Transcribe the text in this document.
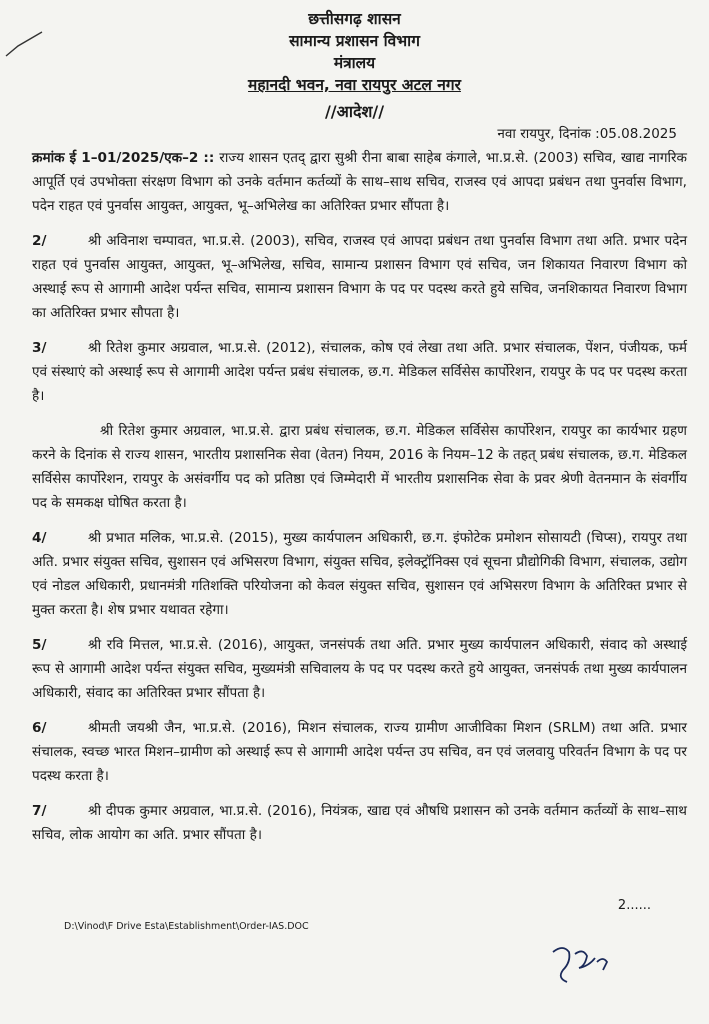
छत्तीसगढ़ शासन
सामान्य प्रशासन विभाग
मंत्रालय
महानदी भवन, नवा रायपुर अटल नगर
//आदेश//
नवा रायपुर, दिनांक :05.08.2025

क्रमांक ई 1–01/2025/एक–2 :: राज्य शासन एतद् द्वारा सुश्री रीना बाबा साहेब कंगाले, भा.प्र.से. (2003) सचिव, खाद्य नागरिक आपूर्ति एवं उपभोक्ता संरक्षण विभाग को उनके वर्तमान कर्तव्यों के साथ–साथ सचिव, राजस्व एवं आपदा प्रबंधन तथा पुनर्वास विभाग, पदेन राहत एवं पुनर्वास आयुक्त, आयुक्त, भू–अभिलेख का अतिरिक्त प्रभार सौंपता है।

2/	श्री अविनाश चम्पावत, भा.प्र.से. (2003), सचिव, राजस्व एवं आपदा प्रबंधन तथा पुनर्वास विभाग तथा अति. प्रभार पदेन राहत एवं पुनर्वास आयुक्त, आयुक्त, भू–अभिलेख, सचिव, सामान्य प्रशासन विभाग एवं सचिव, जन शिकायत निवारण विभाग को अस्थाई रूप से आगामी आदेश पर्यन्त सचिव, सामान्य प्रशासन विभाग के पद पर पदस्थ करते हुये सचिव, जनशिकायत निवारण विभाग का अतिरिक्त प्रभार सौपता है।

3/	श्री रितेश कुमार अग्रवाल, भा.प्र.से. (2012), संचालक, कोष एवं लेखा तथा अति. प्रभार संचालक, पेंशन, पंजीयक, फर्म एवं संस्थाएं को अस्थाई रूप से आगामी आदेश पर्यन्त प्रबंध संचालक, छ.ग. मेडिकल सर्विसेस कार्पोरेशन, रायपुर के पद पर पदस्थ करता है।

श्री रितेश कुमार अग्रवाल, भा.प्र.से. द्वारा प्रबंध संचालक, छ.ग. मेडिकल सर्विसेस कार्पोरेशन, रायपुर का कार्यभार ग्रहण करने के दिनांक से राज्य शासन, भारतीय प्रशासनिक सेवा (वेतन) नियम, 2016 के नियम–12 के तहत् प्रबंध संचालक, छ.ग. मेडिकल सर्विसेस कार्पोरेशन, रायपुर के असंवर्गीय पद को प्रतिष्ठा एवं जिम्मेदारी में भारतीय प्रशासनिक सेवा के प्रवर श्रेणी वेतनमान के संवर्गीय पद के समकक्ष घोषित करता है।

4/	श्री प्रभात मलिक, भा.प्र.से. (2015), मुख्य कार्यपालन अधिकारी, छ.ग. इंफोटेक प्रमोशन सोसायटी (चिप्स), रायपुर तथा अति. प्रभार संयुक्त सचिव, सुशासन एवं अभिसरण विभाग, संयुक्त सचिव, इलेक्ट्रॉनिक्स एवं सूचना प्रौद्योगिकी विभाग, संचालक, उद्योग एवं नोडल अधिकारी, प्रधानमंत्री गतिशक्ति परियोजना को केवल संयुक्त सचिव, सुशासन एवं अभिसरण विभाग के अतिरिक्त प्रभार से मुक्त करता है। शेष प्रभार यथावत रहेगा।

5/	श्री रवि मित्तल, भा.प्र.से. (2016), आयुक्त, जनसंपर्क तथा अति. प्रभार मुख्य कार्यपालन अधिकारी, संवाद को अस्थाई रूप से आगामी आदेश पर्यन्त संयुक्त सचिव, मुख्यमंत्री सचिवालय के पद पर पदस्थ करते हुये आयुक्त, जनसंपर्क तथा मुख्य कार्यपालन अधिकारी, संवाद का अतिरिक्त प्रभार सौंपता है।

6/	श्रीमती जयश्री जैन, भा.प्र.से. (2016), मिशन संचालक, राज्य ग्रामीण आजीविका मिशन (SRLM) तथा अति. प्रभार संचालक, स्वच्छ भारत मिशन–ग्रामीण को अस्थाई रूप से आगामी आदेश पर्यन्त उप सचिव, वन एवं जलवायु परिवर्तन विभाग के पद पर पदस्थ करता है।

7/	श्री दीपक कुमार अग्रवाल, भा.प्र.से. (2016), नियंत्रक, खाद्य एवं औषधि प्रशासन को उनके वर्तमान कर्तव्यों के साथ–साथ सचिव, लोक आयोग का अति. प्रभार सौंपता है।

2......
D:\Vinod\F Drive Esta\Establishment\Order-IAS.DOC
